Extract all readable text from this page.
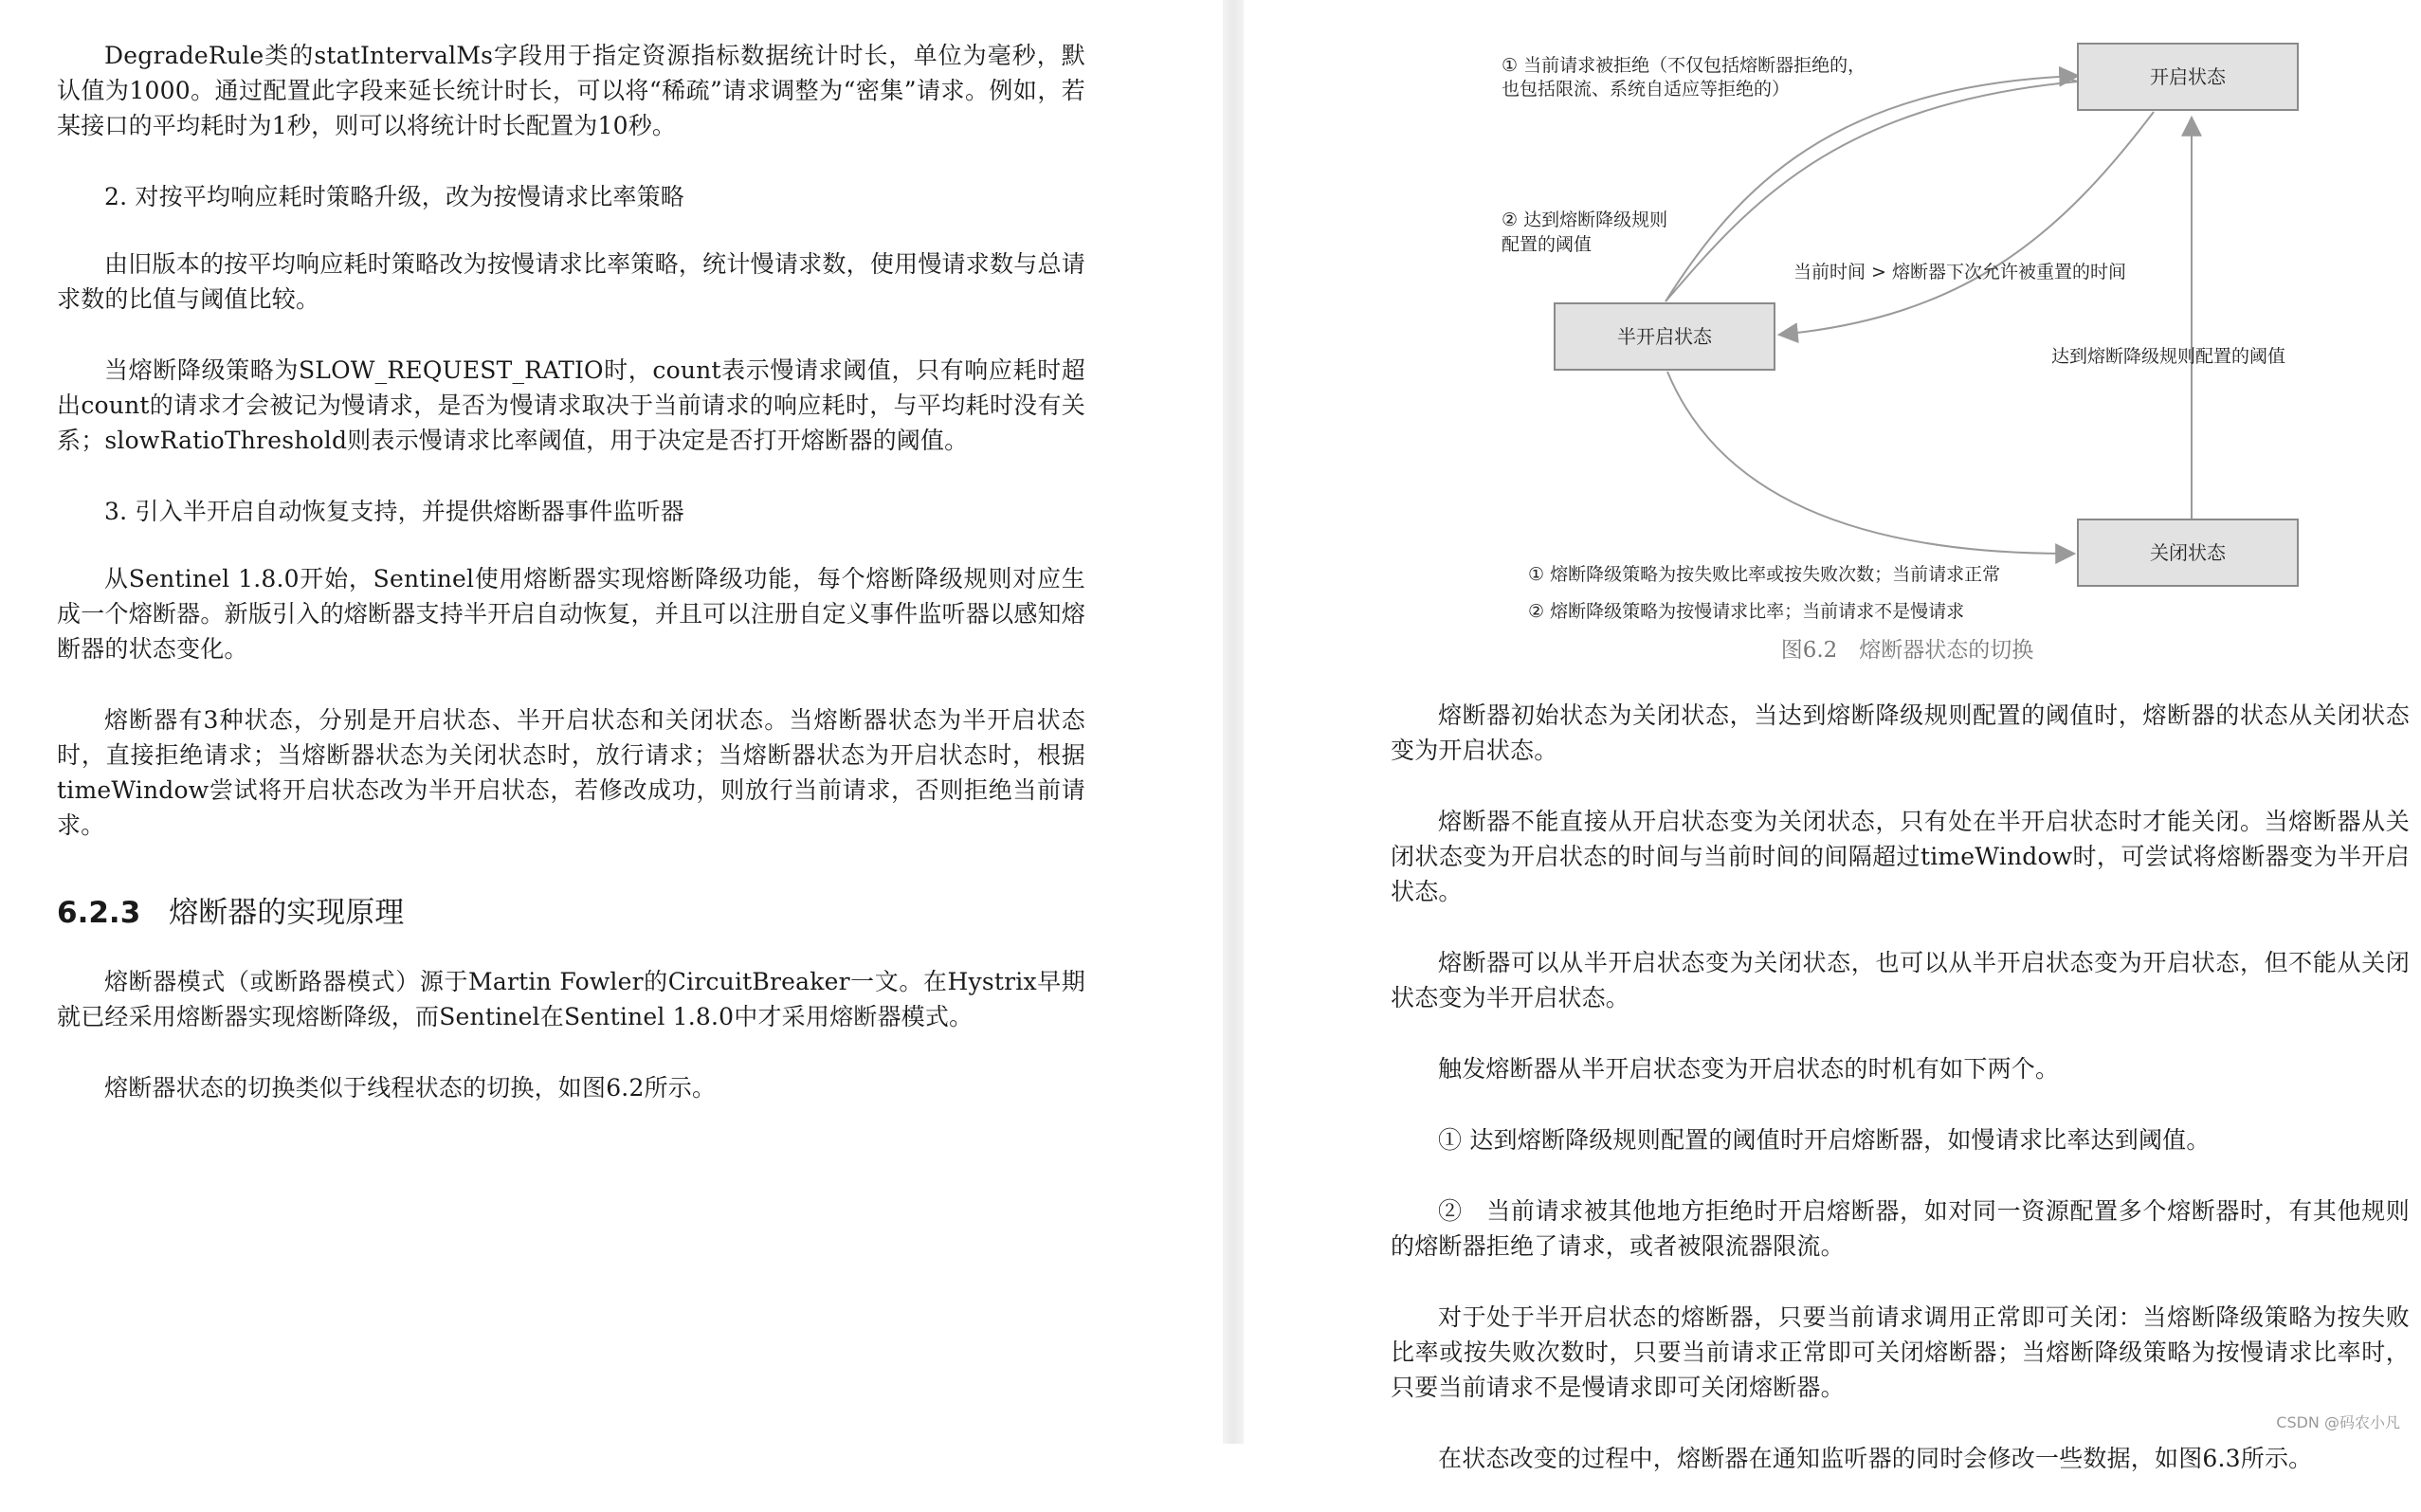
DegradeRule类的statIntervalMs字段用于指定资源指标数据统计时长，单位为毫秒，默认值为1000。通过配置此字段来延长统计时长，可以将“稀疏”请求调整为“密集”请求。例如，若某接口的平均耗时为1秒，则可以将统计时长配置为10秒。

2. 对按平均响应耗时策略升级，改为按慢请求比率策略

由旧版本的按平均响应耗时策略改为按慢请求比率策略，统计慢请求数，使用慢请求数与总请求数的比值与阈值比较。

当熔断降级策略为SLOW_REQUEST_RATIO时，count表示慢请求阈值，只有响应耗时超出count的请求才会被记为慢请求，是否为慢请求取决于当前请求的响应耗时，与平均耗时没有关系；slowRatioThreshold则表示慢请求比率阈值，用于决定是否打开熔断器的阈值。

3. 引入半开启自动恢复支持，并提供熔断器事件监听器

从Sentinel 1.8.0开始，Sentinel使用熔断器实现熔断降级功能，每个熔断降级规则对应生成一个熔断器。新版引入的熔断器支持半开启自动恢复，并且可以注册自定义事件监听器以感知熔断器的状态变化。

熔断器有3种状态，分别是开启状态、半开启状态和关闭状态。当熔断器状态为半开启状态时，直接拒绝请求；当熔断器状态为关闭状态时，放行请求；当熔断器状态为开启状态时，根据timeWindow尝试将开启状态改为半开启状态，若修改成功，则放行当前请求，否则拒绝当前请求。

6.2.3 熔断器的实现原理

熔断器模式（或断路器模式）源于Martin Fowler的CircuitBreaker一文。在Hystrix早期就已经采用熔断器实现熔断降级，而Sentinel在Sentinel 1.8.0中才采用熔断器模式。

熔断器状态的切换类似于线程状态的切换，如图6.2所示。

熔断器初始状态为关闭状态，当达到熔断降级规则配置的阈值时，熔断器的状态从关闭状态变为开启状态。

熔断器不能直接从开启状态变为关闭状态，只有处在半开启状态时才能关闭。当熔断器从关闭状态变为开启状态的时间与当前时间的间隔超过timeWindow时，可尝试将熔断器变为半开启状态。

熔断器可以从半开启状态变为关闭状态，也可以从半开启状态变为开启状态，但不能从关闭状态变为半开启状态。

触发熔断器从半开启状态变为开启状态的时机有如下两个。

① 达到熔断降级规则配置的阈值时开启熔断器，如慢请求比率达到阈值。

②　当前请求被其他地方拒绝时开启熔断器，如对同一资源配置多个熔断器时，有其他规则的熔断器拒绝了请求，或者被限流器限流。

对于处于半开启状态的熔断器，只要当前请求调用正常即可关闭：当熔断降级策略为按失败比率或按失败次数时，只要当前请求正常即可关闭熔断器；当熔断降级策略为按慢请求比率时，只要当前请求不是慢请求即可关闭熔断器。

在状态改变的过程中，熔断器在通知监听器的同时会修改一些数据，如图6.3所示。

开启状态
半开启状态
关闭状态
① 当前请求被拒绝（不仅包括熔断器拒绝的，
也包括限流、系统自适应等拒绝的）
② 达到熔断降级规则
配置的阈值
当前时间 > 熔断器下次允许被重置的时间
达到熔断降级规则配置的阈值
① 熔断降级策略为按失败比率或按失败次数；当前请求正常
② 熔断降级策略为按慢请求比率；当前请求不是慢请求
图6.2　熔断器状态的切换
CSDN @码农小凡
